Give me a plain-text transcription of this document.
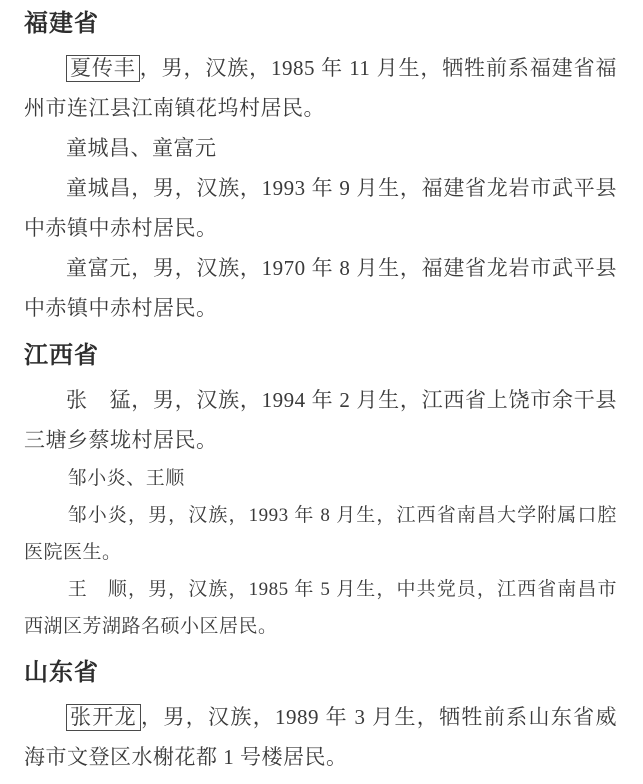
福建省

夏传丰 ，男，汉族，1985 年 11 月生，牺牲前系福建省福州市连江县江南镇花坞村居民。

童城昌、童富元

童城昌，男，汉族，1993 年 9 月生，福建省龙岩市武平县中赤镇中赤村居民。

童富元，男，汉族，1970 年 8 月生，福建省龙岩市武平县中赤镇中赤村居民。

江西省

张　猛，男，汉族，1994 年 2 月生，江西省上饶市余干县三塘乡蔡垅村居民。

邹小炎、王顺

邹小炎，男，汉族，1993 年 8 月生，江西省南昌大学附属口腔医院医生。

王　顺，男，汉族，1985 年 5 月生，中共党员，江西省南昌市西湖区芳湖路名硕小区居民。

山东省

张开龙 ，男，汉族，1989 年 3 月生，牺牲前系山东省威海市文登区水榭花都 1 号楼居民。
